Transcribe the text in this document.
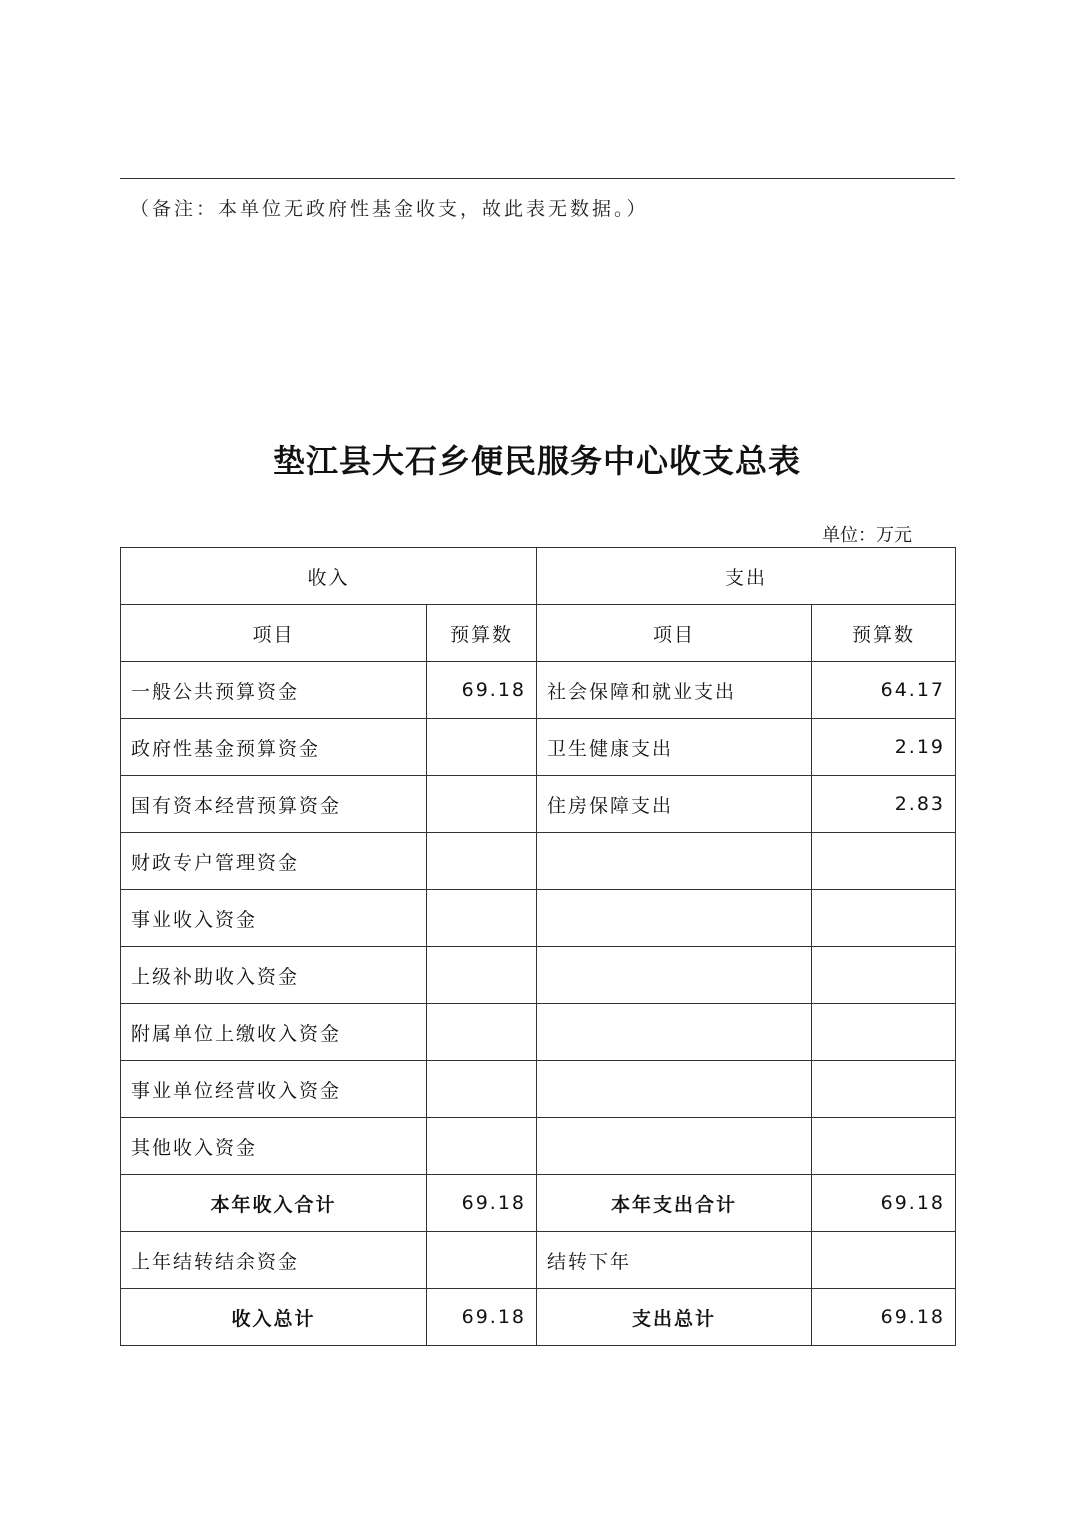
（备注：本单位无政府性基金收支，故此表无数据。）
垫江县大石乡便民服务中心收支总表
单位：万元
收入		支出	
项目	预算数	项目	预算数
一般公共预算资金	69.18	社会保障和就业支出	64.17
政府性基金预算资金		卫生健康支出	2.19
国有资本经营预算资金		住房保障支出	2.83
财政专户管理资金			
事业收入资金			
上级补助收入资金			
附属单位上缴收入资金			
事业单位经营收入资金			
其他收入资金			
本年收入合计	69.18	本年支出合计	69.18
上年结转结余资金		结转下年	
收入总计	69.18	支出总计	69.18
